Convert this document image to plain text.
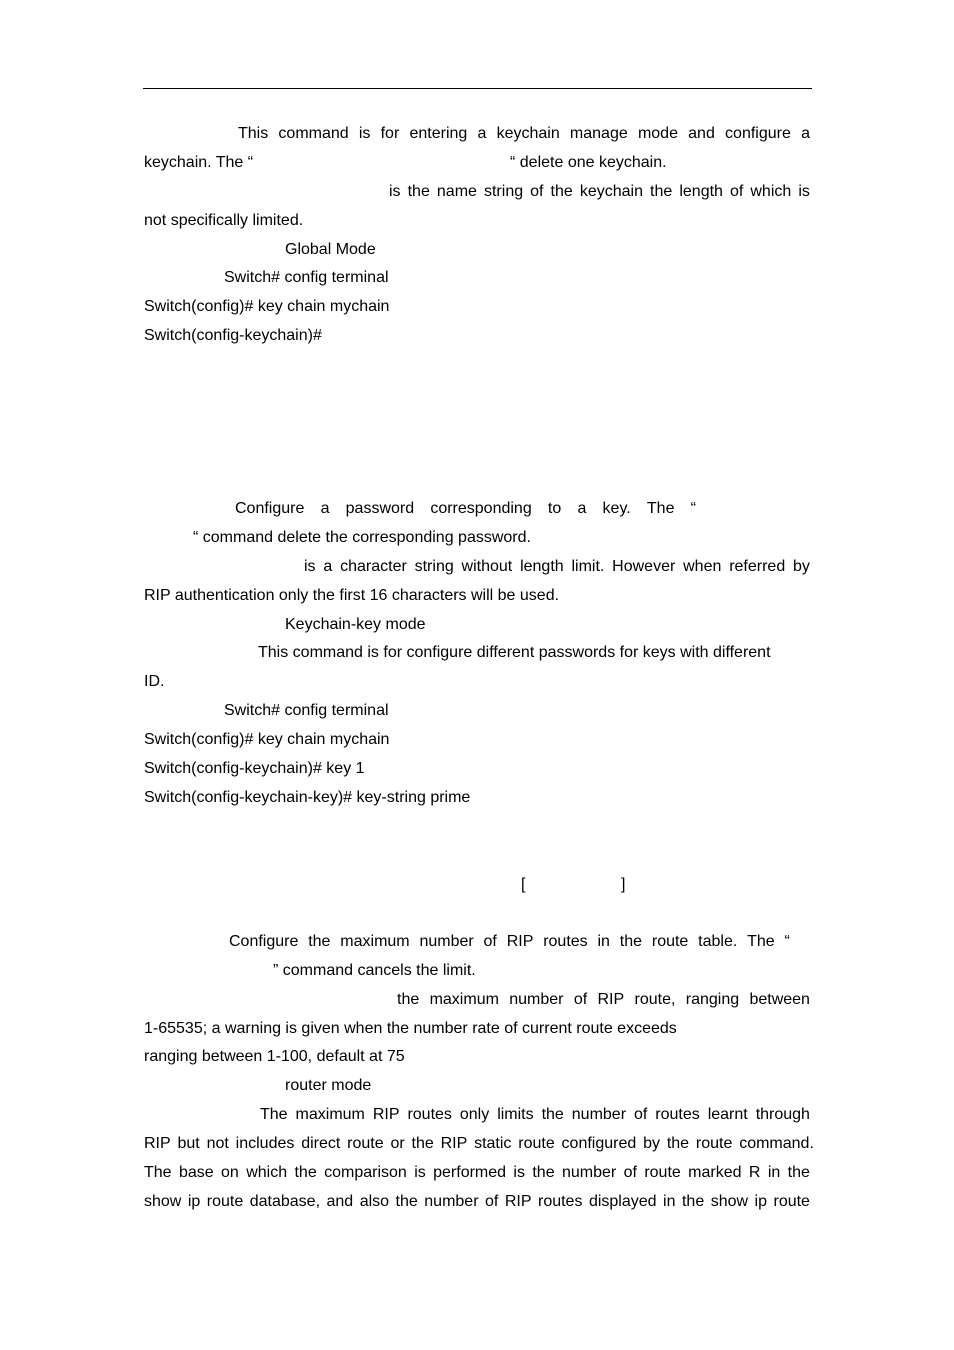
This command is for entering a keychain manage mode and configure a
keychain. The “	“ delete one keychain.
is the name string of the keychain the length of which is
not specifically limited.
Global Mode
Switch# config terminal
Switch(config)# key chain mychain
Switch(config-keychain)#
Configure a password corresponding to a key. The “
“ command delete the corresponding password.
is a character string without length limit. However when referred by
RIP authentication only the first 16 characters will be used.
Keychain-key mode
This command is for configure different passwords for keys with different
ID.
Switch# config terminal
Switch(config)# key chain mychain
Switch(config-keychain)# key 1
Switch(config-keychain-key)# key-string prime
[	]
Configure the maximum number of RIP routes in the route table. The “
” command cancels the limit.
the maximum number of RIP route, ranging between
1-65535; a warning is given when the number rate of current route exceeds
ranging between 1-100, default at 75
router mode
The maximum RIP routes only limits the number of routes learnt through
RIP but not includes direct route or the RIP static route configured by the route command.
The base on which the comparison is performed is the number of route marked R in the
show ip route database, and also the number of RIP routes displayed in the show ip route
